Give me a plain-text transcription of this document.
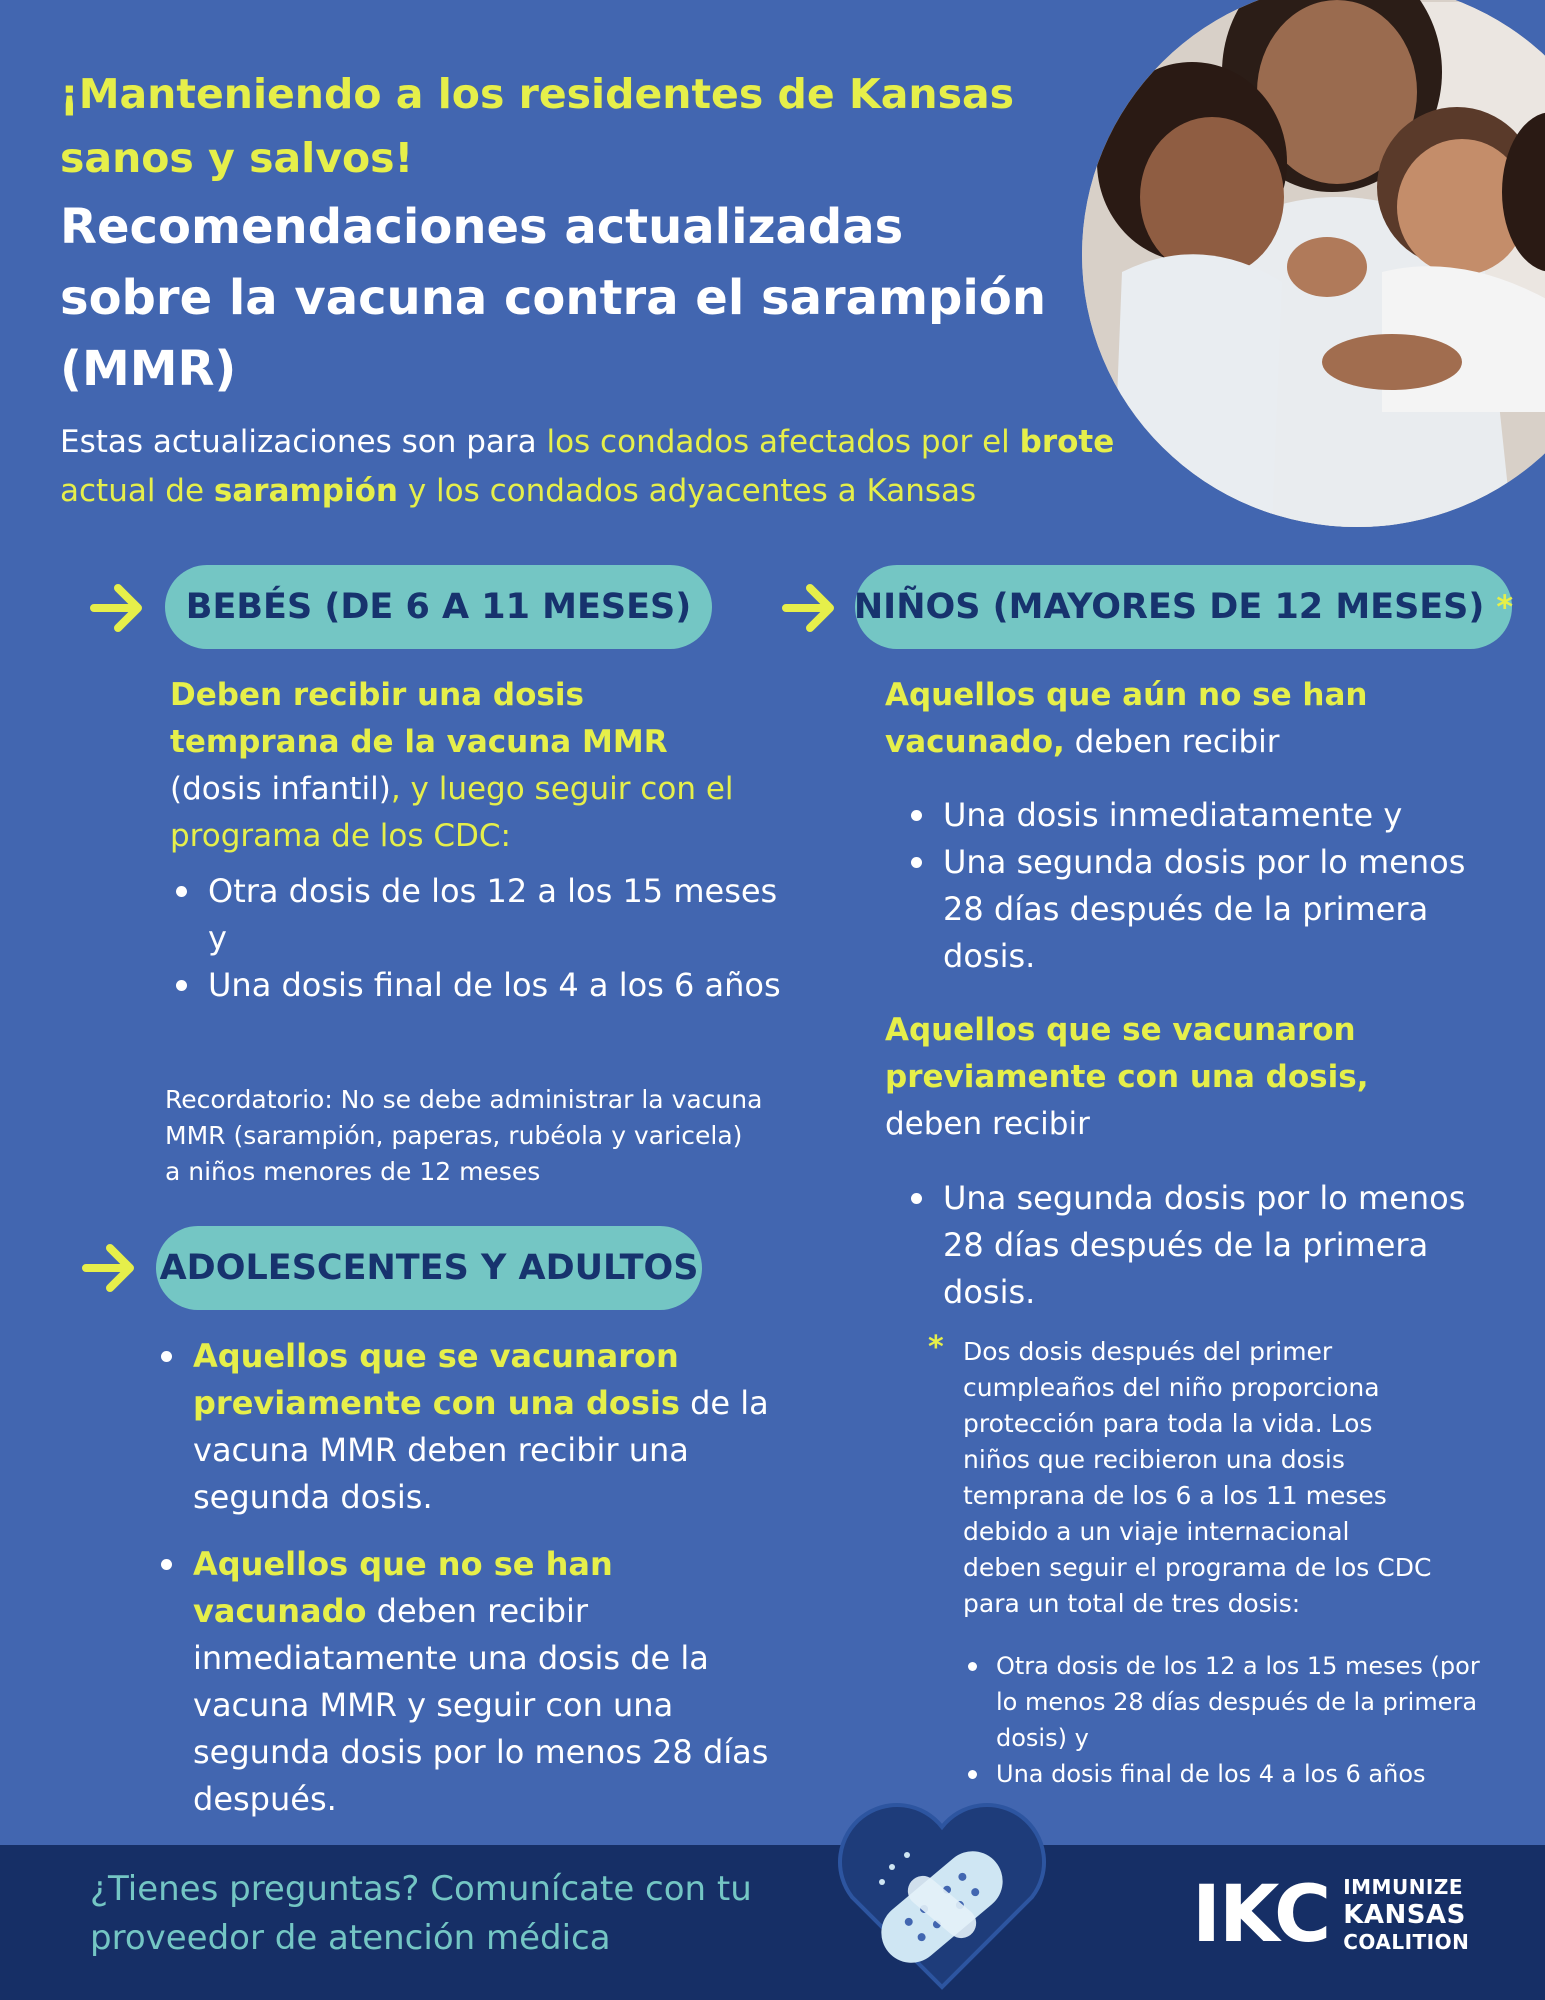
¡Manteniendo a los residentes de Kansas sanos y salvos!
Recomendaciones actualizadas sobre la vacuna contra el sarampión (MMR)
Estas actualizaciones son para los condados afectados por el brote actual de sarampión y los condados adyacentes a Kansas
BEBÉS (DE 6 A 11 MESES)
Deben recibir una dosis temprana de la vacuna MMR (dosis infantil), y luego seguir con el programa de los CDC:
Otra dosis de los 12 a los 15 meses y
Una dosis final de los 4 a los 6 años
Recordatorio: No se debe administrar la vacuna MMR (sarampión, paperas, rubéola y varicela) a niños menores de 12 meses
ADOLESCENTES Y ADULTOS
Aquellos que se vacunaron previamente con una dosis de la vacuna MMR deben recibir una segunda dosis.
Aquellos que no se han vacunado deben recibir inmediatamente una dosis de la vacuna MMR y seguir con una segunda dosis por lo menos 28 días después.
NIÑOS (MAYORES DE 12 MESES) *
Aquellos que aún no se han vacunado, deben recibir
Una dosis inmediatamente y
Una segunda dosis por lo menos 28 días después de la primera dosis.
Aquellos que se vacunaron previamente con una dosis, deben recibir
Una segunda dosis por lo menos 28 días después de la primera dosis.
* Dos dosis después del primer cumpleaños del niño proporciona protección para toda la vida. Los niños que recibieron una dosis temprana de los 6 a los 11 meses debido a un viaje internacional deben seguir el programa de los CDC para un total de tres dosis:
Otra dosis de los 12 a los 15 meses (por lo menos 28 días después de la primera dosis) y
Una dosis final de los 4 a los 6 años
¿Tienes preguntas? Comunícate con tu proveedor de atención médica	IKC IMMUNIZE
KANSAS
COALITION
